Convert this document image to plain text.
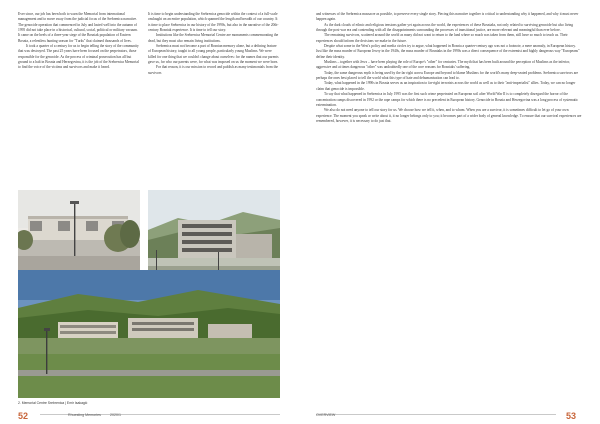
Ever since, our job has been both to warn the Memorial from international management and to move away from the judicial focus of the Srebrenica narrative. The genocide operation that commenced in July and lasted well into the autumn of 1995 did not take place in a historical, cultural, social, political or military vacuum. It came on the heels of a three-year siege of the Bosniak population of Eastern Bosnia, a relentless hunting season for "Turks" that claimed thousands of lives.

It took a quarter of a century for us to begin telling the story of the community that was destroyed. The past 25 years have been focused on the perpetrators, those responsible for the genocide. As the process of criminal prosecution has all but ground to a halt in Bosnia and Herzegovina, it is the job of the Srebrenica Memorial to find the voice of the victims and survivors and make it heard.

It is time to begin understanding the Srebrenica genocide within the context of a full-scale onslaught on an entire population, which spanned the length and breadth of our country. It is time to place Srebrenica in our history of the 1990s, but also in the narrative of the 20th-century Bosniak experience. It is time to tell our story.

Institutions like the Srebrenica Memorial Centre are monuments commemorating the dead, but they must also remain living institutions.

Srebrenica must not become a part of Bosnian memory alone, but a defining feature of European history, taught to all young people, particularly young Muslims. We were killed for one thing that we couldn't change about ourselves: for the names that our parents gave us, for who our parents were, for what was imposed on us the moment we were born.

For that reason, it is our mission to record and publish as many testimonials from the survivors

and witnesses of the Srebrenica massacre as possible, to preserve every single story. Piecing this narrative together is critical to understanding why it happened, and why it must never happen again.

As the dark clouds of ethnic and religious tensions gather yet again across the world, the experiences of these Bosniaks, not only related to surviving genocide but also living through the post-war era and contending with all the disappointments surrounding the processes of transitional justice, are more relevant and meaningful than ever before.

The remaining survivors, scattered around the world as many did not want to return to the land where so much was taken from them, still have so much to teach us. Their experiences should inform the decisions we make in the future.

Despite what some in the West's policy and media circles try to argue, what happened in Bosnia a quarter-century ago was not a footnote, a mere anomaly, in European history. Just like the mass murder of European Jewry in the 1940s, the mass murder of Bosniaks in the 1990s was a direct consequence of the extremist and highly dangerous way "Europeans" define their identity.

Muslims – together with Jews – have been playing the role of Europe's "other" for centuries. The myth that has been built around the perception of Muslims as the inferior, aggressive and at times dangerous "other" was undoubtedly one of the core reasons for Bosniaks' suffering.

Today, the same dangerous myth is being used by the far right across Europe and beyond to blame Muslims for the world's many deep-seated problems. Srebrenica survivors are perhaps the ones best placed to tell the world what this type of hate and dehumanisation can lead to.

Today, what happened in the 1990s in Bosnia serves as an inspiration to far-right terrorists across the world as well as to their "anti-imperialist" allies. Today, we can no longer claim that genocide is impossible.

To say that what happened in Srebrenica in July 1995 was the first such crime perpetrated on European soil after World War II is to completely disregard the horror of the concentration camps discovered in 1992 or the rape camps for which there is no precedent in European history. Genocide in Bosnia and Herzegovina was a long process of systematic extermination.

We also do not need anyone to tell our story for us. We choose how we tell it, when, and to whom. When you are a survivor, it is sometimes difficult to let go of your own experience. The moment you speak or write about it, it no longer belongs only to you; it becomes part of a wider body of general knowledge. To ensure that our survival experiences are remembered, however, it is necessary to do just that.

2. Memorial Centre Srebrenica | Emir Isakagić
52	Rhuesting Memories	2020/1	OVERVIEW	53
